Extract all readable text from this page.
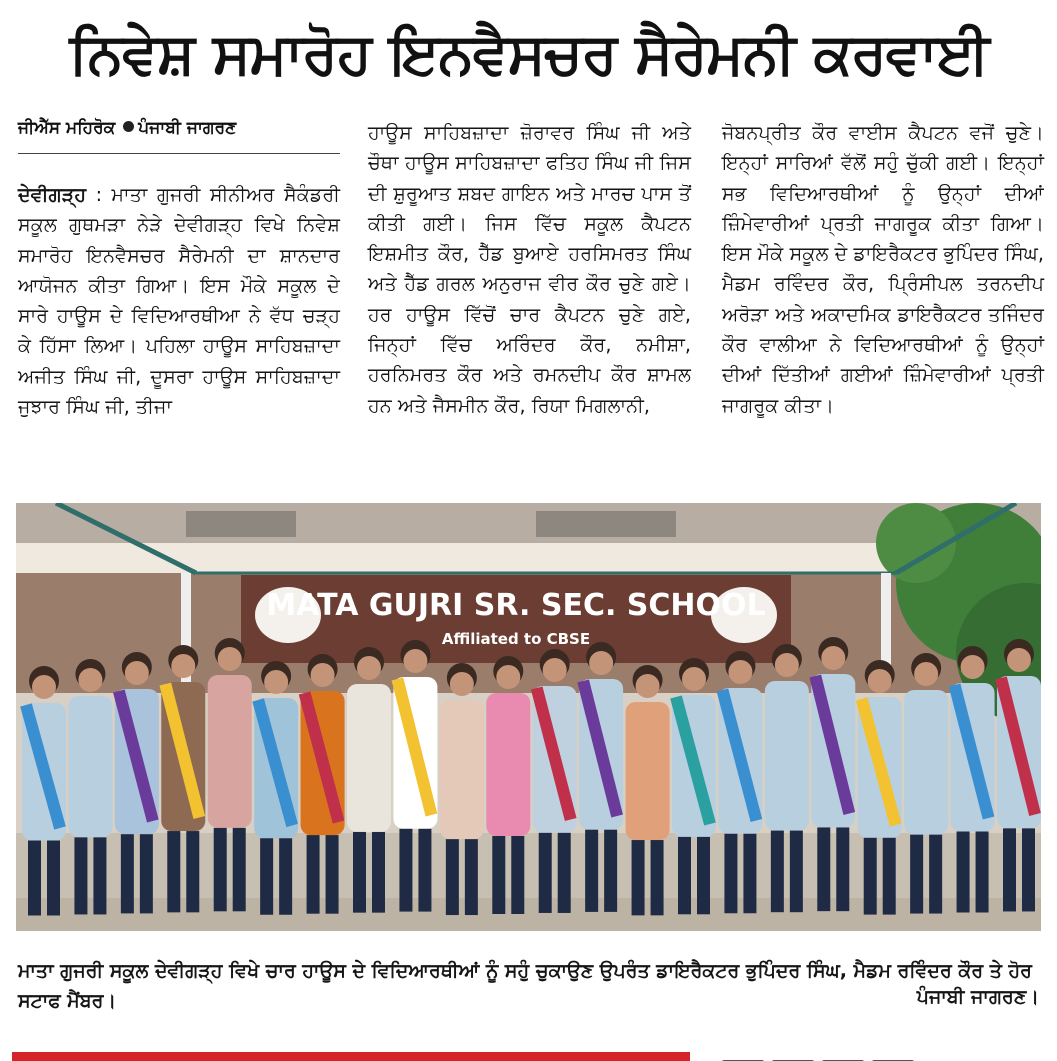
ਨਿਵੇਸ਼ ਸਮਾਰੋਹ ਇਨਵੈਸਚਰ ਸੈਰੇਮਨੀ ਕਰਵਾਈ
ਜੀਐੱਸ ਮਹਿਰੋਕ ਪੰਜਾਬੀ ਜਾਗਰਣ
ਦੇਵੀਗੜ੍ਹ : ਮਾਤਾ ਗੁਜਰੀ ਸੀਨੀਅਰ ਸੈਕੰਡਰੀ ਸਕੂਲ ਗੁਥਮੜਾ ਨੇੜੇ ਦੇਵੀਗੜ੍ਹ ਵਿਖੇ ਨਿਵੇਸ਼ ਸਮਾਰੋਹ ਇਨਵੈਸਚਰ ਸੈਰੇਮਨੀ ਦਾ ਸ਼ਾਨਦਾਰ ਆਯੋਜਨ ਕੀਤਾ ਗਿਆ। ਇਸ ਮੌਕੇ ਸਕੂਲ ਦੇ ਸਾਰੇ ਹਾਊਸ ਦੇ ਵਿਦਿਆਰਥੀਆ ਨੇ ਵੱਧ ਚੜ੍ਹ ਕੇ ਹਿੱਸਾ ਲਿਆ। ਪਹਿਲਾ ਹਾਊਸ ਸਾਹਿਬਜ਼ਾਦਾ ਅਜੀਤ ਸਿੰਘ ਜੀ, ਦੂਸਰਾ ਹਾਊਸ ਸਾਹਿਬਜ਼ਾਦਾ ਜੁਝਾਰ ਸਿੰਘ ਜੀ, ਤੀਜਾ
ਹਾਊਸ ਸਾਹਿਬਜ਼ਾਦਾ ਜ਼ੋਰਾਵਰ ਸਿੰਘ ਜੀ ਅਤੇ ਚੌਥਾ ਹਾਊਸ ਸਾਹਿਬਜ਼ਾਦਾ ਫਤਿਹ ਸਿੰਘ ਜੀ ਜਿਸ ਦੀ ਸ਼ੁਰੂਆਤ ਸ਼ਬਦ ਗਾਇਨ ਅਤੇ ਮਾਰਚ ਪਾਸ ਤੋਂ ਕੀਤੀ ਗਈ। ਜਿਸ ਵਿੱਚ ਸਕੂਲ ਕੈਪਟਨ ਇਸ਼ਮੀਤ ਕੌਰ, ਹੈੱਡ ਬੁਆਏ ਹਰਸਿਮਰਤ ਸਿੰਘ ਅਤੇ ਹੈੱਡ ਗਰਲ ਅਨੁਰਾਜ ਵੀਰ ਕੌਰ ਚੁਣੇ ਗਏ। ਹਰ ਹਾਊਸ ਵਿੱਚੋਂ ਚਾਰ ਕੈਪਟਨ ਚੁਣੇ ਗਏ, ਜਿਨ੍ਹਾਂ ਵਿੱਚ ਅਰਿੰਦਰ ਕੌਰ, ਨਮੀਸ਼ਾ, ਹਰਨਿਮਰਤ ਕੌਰ ਅਤੇ ਰਮਨਦੀਪ ਕੌਰ ਸ਼ਾਮਲ ਹਨ ਅਤੇ ਜੈਸਮੀਨ ਕੌਰ, ਰਿਯਾ ਮਿਗਲਾਨੀ,
ਜੋਬਨਪ੍ਰੀਤ ਕੌਰ ਵਾਈਸ ਕੈਪਟਨ ਵਜੋਂ ਚੁਣੇ। ਇਨ੍ਹਾਂ ਸਾਰਿਆਂ ਵੱਲੋਂ ਸਹੁੰ ਚੁੱਕੀ ਗਈ। ਇਨ੍ਹਾਂ ਸਭ ਵਿਦਿਆਰਥੀਆਂ ਨੂੰ ਉਨ੍ਹਾਂ ਦੀਆਂ ਜ਼ਿੰਮੇਵਾਰੀਆਂ ਪ੍ਰਤੀ ਜਾਗਰੂਕ ਕੀਤਾ ਗਿਆ। ਇਸ ਮੌਕੇ ਸਕੂਲ ਦੇ ਡਾਇਰੈਕਟਰ ਭੁਪਿੰਦਰ ਸਿੰਘ, ਮੈਡਮ ਰਵਿੰਦਰ ਕੌਰ, ਪ੍ਰਿੰਸੀਪਲ ਤਰਨਦੀਪ ਅਰੋੜਾ ਅਤੇ ਅਕਾਦਮਿਕ ਡਾਇਰੈਕਟਰ ਤਜਿੰਦਰ ਕੌਰ ਵਾਲੀਆ ਨੇ ਵਿਦਿਆਰਥੀਆਂ ਨੂੰ ਉਨ੍ਹਾਂ ਦੀਆਂ ਦਿੱਤੀਆਂ ਗਈਆਂ ਜ਼ਿੰਮੇਵਾਰੀਆਂ ਪ੍ਰਤੀ ਜਾਗਰੂਕ ਕੀਤਾ।
MATA GUJRI SR. SEC. SCHOOL
Affiliated to CBSE
ਮਾਤਾ ਗੁਜਰੀ ਸਕੂਲ ਦੇਵੀਗੜ੍ਹ ਵਿਖੇ ਚਾਰ ਹਾਊਸ ਦੇ ਵਿਦਿਆਰਥੀਆਂ ਨੂੰ ਸਹੁੰ ਚੁਕਾਉਣ ਉਪਰੰਤ ਡਾਇਰੈਕਟਰ ਭੁਪਿੰਦਰ ਸਿੰਘ, ਮੈਡਮ ਰਵਿੰਦਰ ਕੌਰ ਤੇ ਹੋਰ ਸਟਾਫ ਮੈਂਬਰ।	ਪੰਜਾਬੀ ਜਾਗਰਣ।
